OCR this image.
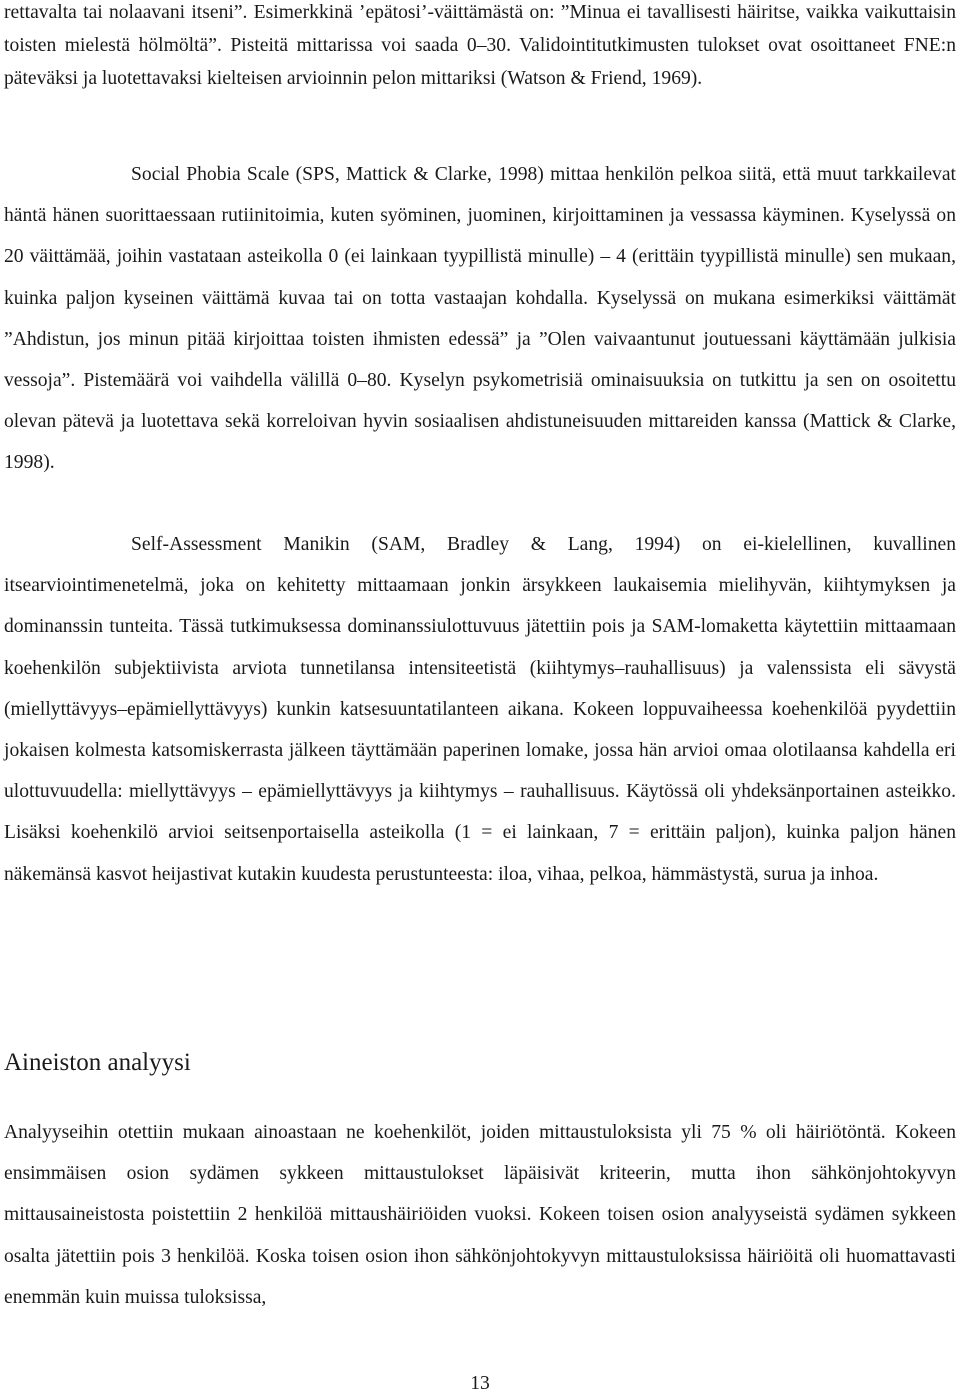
rettavalta tai nolaavani itseni”. Esimerkkinä ’epätosi’-väittämästä on: ”Minua ei tavallisesti häiritse, vaikka vaikuttaisin toisten mielestä hölmöltä”. Pisteitä mittarissa voi saada 0–30. Validointitutkimusten tulokset ovat osoittaneet FNE:n päteväksi ja luotettavaksi kielteisen arvioinnin pelon mittariksi (Watson & Friend, 1969).

Social Phobia Scale (SPS, Mattick & Clarke, 1998) mittaa henkilön pelkoa siitä, että muut tarkkailevat häntä hänen suorittaessaan rutiinitoimia, kuten syöminen, juominen, kirjoittaminen ja vessassa käyminen. Kyselyssä on 20 väittämää, joihin vastataan asteikolla 0 (ei lainkaan tyypillistä minulle) – 4 (erittäin tyypillistä minulle) sen mukaan, kuinka paljon kyseinen väittämä kuvaa tai on totta vastaajan kohdalla. Kyselyssä on mukana esimerkiksi väittämät ”Ahdistun, jos minun pitää kirjoittaa toisten ihmisten edessä” ja ”Olen vaivaantunut joutuessani käyttämään julkisia vessoja”. Pistemäärä voi vaihdella välillä 0–80. Kyselyn psykometrisiä ominaisuuksia on tutkittu ja sen on osoitettu olevan pätevä ja luotettava sekä korreloivan hyvin sosiaalisen ahdistuneisuuden mittareiden kanssa (Mattick & Clarke, 1998).

Self-Assessment Manikin (SAM, Bradley & Lang, 1994) on ei-kielellinen, kuvallinen itsearviointimenetelmä, joka on kehitetty mittaamaan jonkin ärsykkeen laukaisemia mielihyvän, kiihtymyksen ja dominanssin tunteita. Tässä tutkimuksessa dominanssiulottuvuus jätettiin pois ja SAM-lomaketta käytettiin mittaamaan koehenkilön subjektiivista arviota tunnetilansa intensiteetistä (kiihtymys–rauhallisuus) ja valenssista eli sävystä (miellyttävyys–epämiellyttävyys) kunkin katsesuuntatilanteen aikana. Kokeen loppuvaiheessa koehenkilöä pyydettiin jokaisen kolmesta katsomiskerrasta jälkeen täyttämään paperinen lomake, jossa hän arvioi omaa olotilaansa kahdella eri ulottuvuudella: miellyttävyys – epämiellyttävyys ja kiihtymys – rauhallisuus. Käytössä oli yhdeksänportainen asteikko. Lisäksi koehenkilö arvioi seitsenportaisella asteikolla (1 = ei lainkaan, 7 = erittäin paljon), kuinka paljon hänen näkemänsä kasvot heijastivat kutakin kuudesta perustunteesta: iloa, vihaa, pelkoa, hämmästystä, surua ja inhoa.

Aineiston analyysi

Analyyseihin otettiin mukaan ainoastaan ne koehenkilöt, joiden mittaustuloksista yli 75 % oli häiriötöntä. Kokeen ensimmäisen osion sydämen sykkeen mittaustulokset läpäisivät kriteerin, mutta ihon sähkönjohtokyvyn mittausaineistosta poistettiin 2 henkilöä mittaushäiriöiden vuoksi. Kokeen toisen osion analyyseistä sydämen sykkeen osalta jätettiin pois 3 henkilöä. Koska toisen osion ihon sähkönjohtokyvyn mittaustuloksissa häiriöitä oli huomattavasti enemmän kuin muissa tuloksissa,

13
